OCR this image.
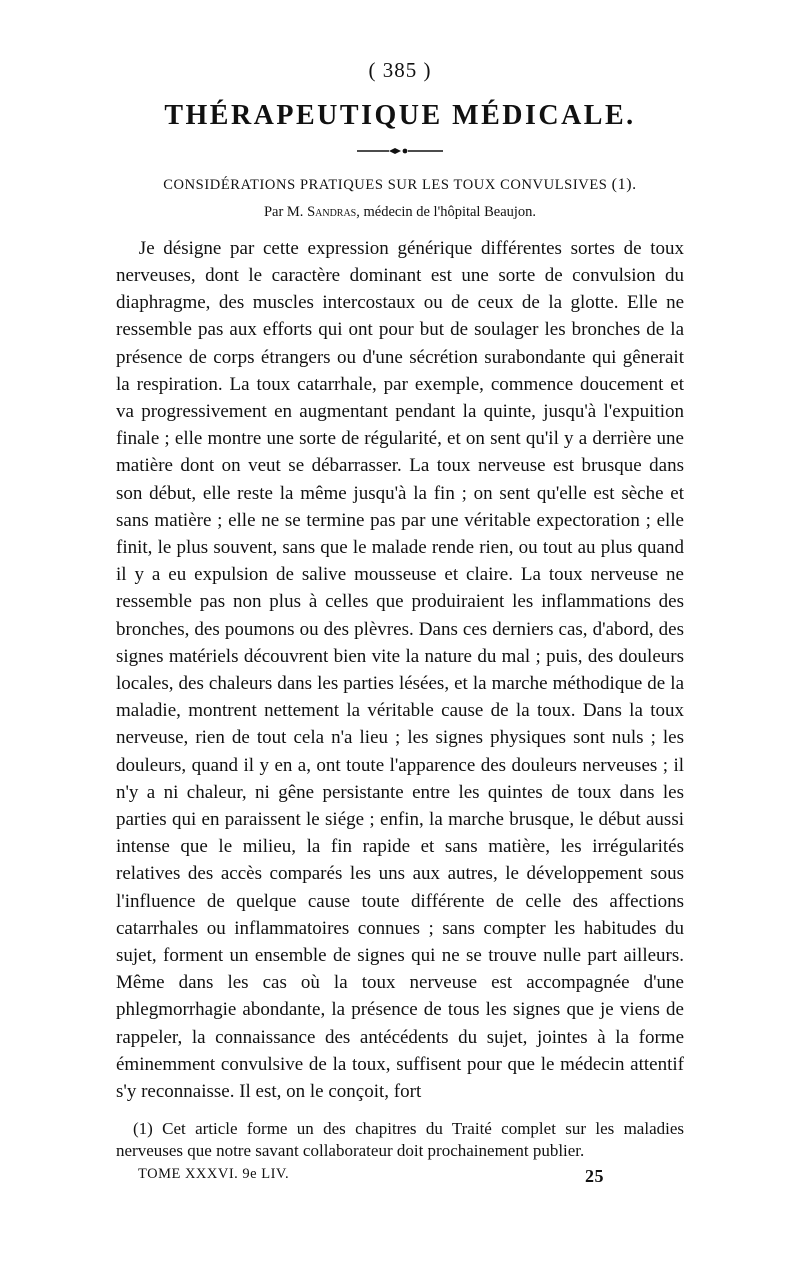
( 385 )
THÉRAPEUTIQUE MÉDICALE.

CONSIDÉRATIONS PRATIQUES SUR LES TOUX CONVULSIVES (1).

Par M. Sandras, médecin de l'hôpital Beaujon.

Je désigne par cette expression générique différentes sortes de toux nerveuses, dont le caractère dominant est une sorte de convulsion du diaphragme, des muscles intercostaux ou de ceux de la glotte. Elle ne ressemble pas aux efforts qui ont pour but de soulager les bronches de la présence de corps étrangers ou d'une sécrétion surabondante qui gênerait la respiration. La toux catarrhale, par exemple, commence doucement et va progressivement en augmentant pendant la quinte, jusqu'à l'expuition finale ; elle montre une sorte de régularité, et on sent qu'il y a derrière une matière dont on veut se débarrasser. La toux nerveuse est brusque dans son début, elle reste la même jusqu'à la fin ; on sent qu'elle est sèche et sans matière ; elle ne se termine pas par une véritable expectoration ; elle finit, le plus souvent, sans que le malade rende rien, ou tout au plus quand il y a eu expulsion de salive mousseuse et claire. La toux nerveuse ne ressemble pas non plus à celles que produiraient les inflammations des bronches, des poumons ou des plèvres. Dans ces derniers cas, d'abord, des signes matériels découvrent bien vite la nature du mal ; puis, des douleurs locales, des chaleurs dans les parties lésées, et la marche méthodique de la maladie, montrent nettement la véritable cause de la toux. Dans la toux nerveuse, rien de tout cela n'a lieu ; les signes physiques sont nuls ; les douleurs, quand il y en a, ont toute l'apparence des douleurs nerveuses ; il n'y a ni chaleur, ni gêne persistante entre les quintes de toux dans les parties qui en paraissent le siége ; enfin, la marche brusque, le début aussi intense que le milieu, la fin rapide et sans matière, les irrégularités relatives des accès comparés les uns aux autres, le développement sous l'influence de quelque cause toute différente de celle des affections catarrhales ou inflammatoires connues ; sans compter les habitudes du sujet, forment un ensemble de signes qui ne se trouve nulle part ailleurs. Même dans les cas où la toux nerveuse est accompagnée d'une phlegmorrhagie abondante, la présence de tous les signes que je viens de rappeler, la connaissance des antécédents du sujet, jointes à la forme éminemment convulsive de la toux, suffisent pour que le médecin attentif s'y reconnaisse. Il est, on le conçoit, fort

(1) Cet article forme un des chapitres du Traité complet sur les maladies nerveuses que notre savant collaborateur doit prochainement publier.

TOME XXXVI. 9e LIV.	25
